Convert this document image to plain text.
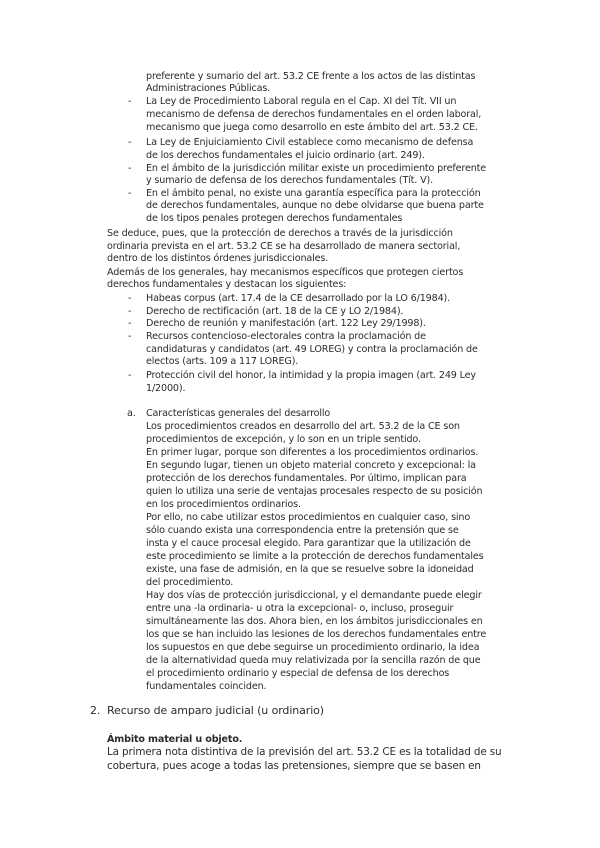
preferente y sumario del art. 53.2 CE frente a los actos de las distintas
Administraciones Públicas.
- La Ley de Procedimiento Laboral regula en el Cap. XI del Tít. VII un
mecanismo de defensa de derechos fundamentales en el orden laboral,
mecanismo que juega como desarrollo en este ámbito del art. 53.2 CE.
- La Ley de Enjuiciamiento Civil establece como mecanismo de defensa
de los derechos fundamentales el juicio ordinario (art. 249).
- En el ámbito de la jurisdicción militar existe un procedimiento preferente
y sumario de defensa de los derechos fundamentales (Tít. V).
- En el ámbito penal, no existe una garantía específica para la protección
de derechos fundamentales, aunque no debe olvidarse que buena parte
de los tipos penales protegen derechos fundamentales
Se deduce, pues, que la protección de derechos a través de la jurisdicción
ordinaria prevista en el art. 53.2 CE se ha desarrollado de manera sectorial,
dentro de los distintos órdenes jurisdiccionales.
Además de los generales, hay mecanismos específicos que protegen ciertos
derechos fundamentales y destacan los siguientes:
- Habeas corpus (art. 17.4 de la CE desarrollado por la LO 6/1984).
- Derecho de rectificación (art. 18 de la CE y LO 2/1984).
- Derecho de reunión y manifestación (art. 122 Ley 29/1998).
- Recursos contencioso-electorales contra la proclamación de
candidaturas y candidatos (art. 49 LOREG) y contra la proclamación de
electos (arts. 109 a 117 LOREG).
- Protección civil del honor, la intimidad y la propia imagen (art. 249 Ley
1/2000).
a. Características generales del desarrollo
Los procedimientos creados en desarrollo del art. 53.2 de la CE son
procedimientos de excepción, y lo son en un triple sentido.
En primer lugar, porque son diferentes a los procedimientos ordinarios.
En segundo lugar, tienen un objeto material concreto y excepcional: la
protección de los derechos fundamentales. Por último, implican para
quien lo utiliza una serie de ventajas procesales respecto de su posición
en los procedimientos ordinarios.
Por ello, no cabe utilizar estos procedimientos en cualquier caso, sino
sólo cuando exista una correspondencia entre la pretensión que se
insta y el cauce procesal elegido. Para garantizar que la utilización de
este procedimiento se limite a la protección de derechos fundamentales
existe, una fase de admisión, en la que se resuelve sobre la idoneidad
del procedimiento.
Hay dos vías de protección jurisdiccional, y el demandante puede elegir
entre una -la ordinaria- u otra la excepcional- o, incluso, proseguir
simultáneamente las dos. Ahora bien, en los ámbitos jurisdiccionales en
los que se han incluido las lesiones de los derechos fundamentales entre
los supuestos en que debe seguirse un procedimiento ordinario, la idea
de la alternatividad queda muy relativizada por la sencilla razón de que
el procedimiento ordinario y especial de defensa de los derechos
fundamentales coinciden.
2. Recurso de amparo judicial (u ordinario)
Ámbito material u objeto.
La primera nota distintiva de la previsión del art. 53.2 CE es la totalidad de su
cobertura, pues acoge a todas las pretensiones, siempre que se basen en
